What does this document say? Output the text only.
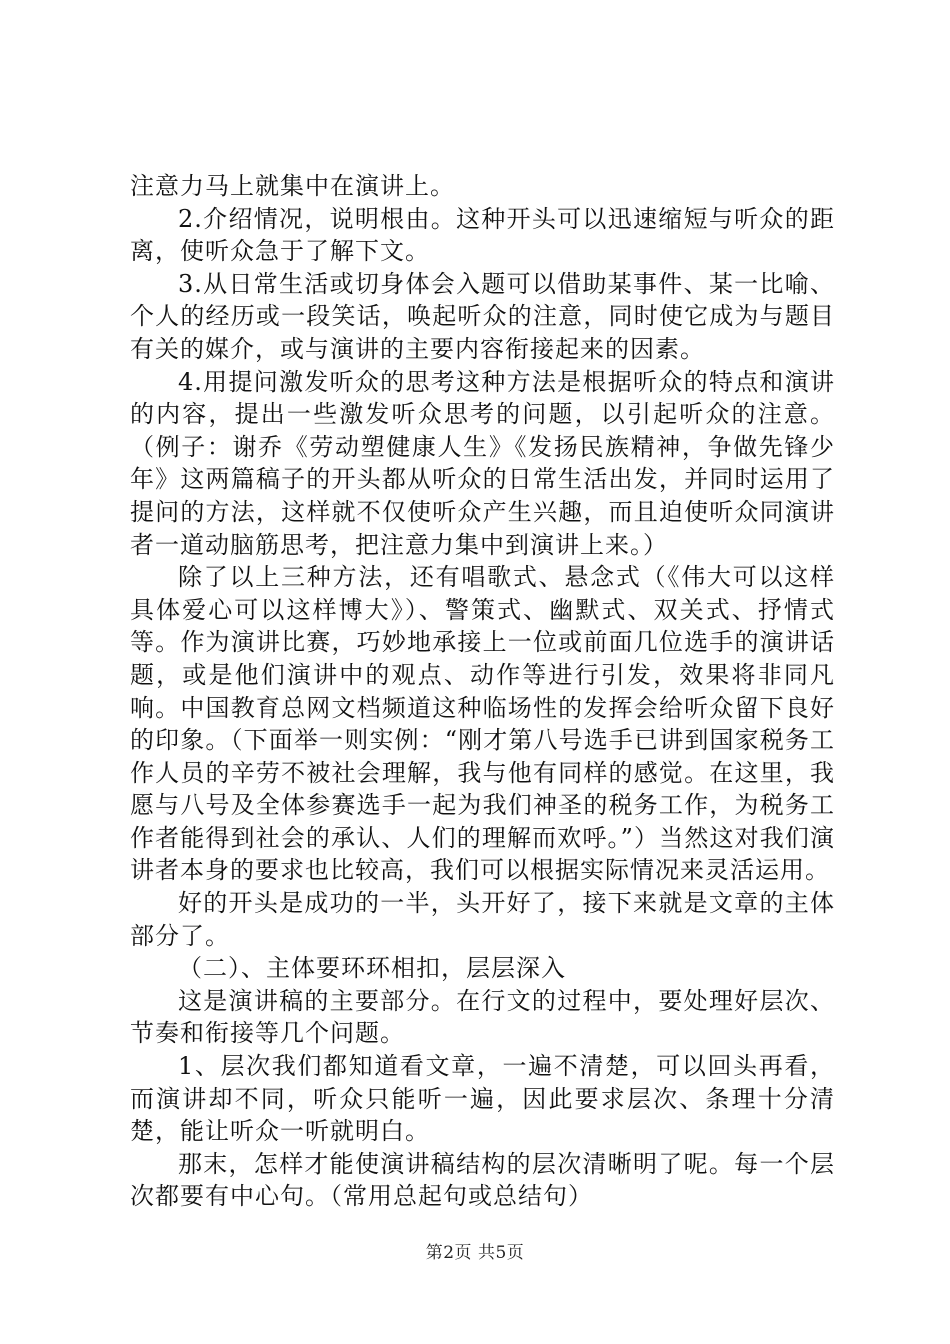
注意力马上就集中在演讲上。

2.介绍情况，说明根由。这种开头可以迅速缩短与听众的距离，使听众急于了解下文。

3.从日常生活或切身体会入题可以借助某事件、某一比喻、个人的经历或一段笑话，唤起听众的注意，同时使它成为与题目有关的媒介，或与演讲的主要内容衔接起来的因素。

4.用提问激发听众的思考这种方法是根据听众的特点和演讲的内容，提出一些激发听众思考的问题，以引起听众的注意。（例子：谢乔《劳动塑健康人生》《发扬民族精神，争做先锋少年》这两篇稿子的开头都从听众的日常生活出发，并同时运用了提问的方法，这样就不仅使听众产生兴趣，而且迫使听众同演讲者一道动脑筋思考，把注意力集中到演讲上来。）

除了以上三种方法，还有唱歌式、悬念式（《伟大可以这样具体爱心可以这样博大》）、警策式、幽默式、双关式、抒情式等。作为演讲比赛，巧妙地承接上一位或前面几位选手的演讲话题，或是他们演讲中的观点、动作等进行引发，效果将非同凡响。中国教育总网文档频道这种临场性的发挥会给听众留下良好的印象。（下面举一则实例：“刚才第八号选手已讲到国家税务工作人员的辛劳不被社会理解，我与他有同样的感觉。在这里，我愿与八号及全体参赛选手一起为我们神圣的税务工作，为税务工作者能得到社会的承认、人们的理解而欢呼。”）当然这对我们演讲者本身的要求也比较高，我们可以根据实际情况来灵活运用。

好的开头是成功的一半，头开好了，接下来就是文章的主体部分了。

（二）、主体要环环相扣，层层深入

这是演讲稿的主要部分。在行文的过程中，要处理好层次、节奏和衔接等几个问题。

1、层次我们都知道看文章，一遍不清楚，可以回头再看，而演讲却不同，听众只能听一遍，因此要求层次、条理十分清楚，能让听众一听就明白。

那末，怎样才能使演讲稿结构的层次清晰明了呢。每一个层次都要有中心句。（常用总起句或总结句）

第2页 共5页
